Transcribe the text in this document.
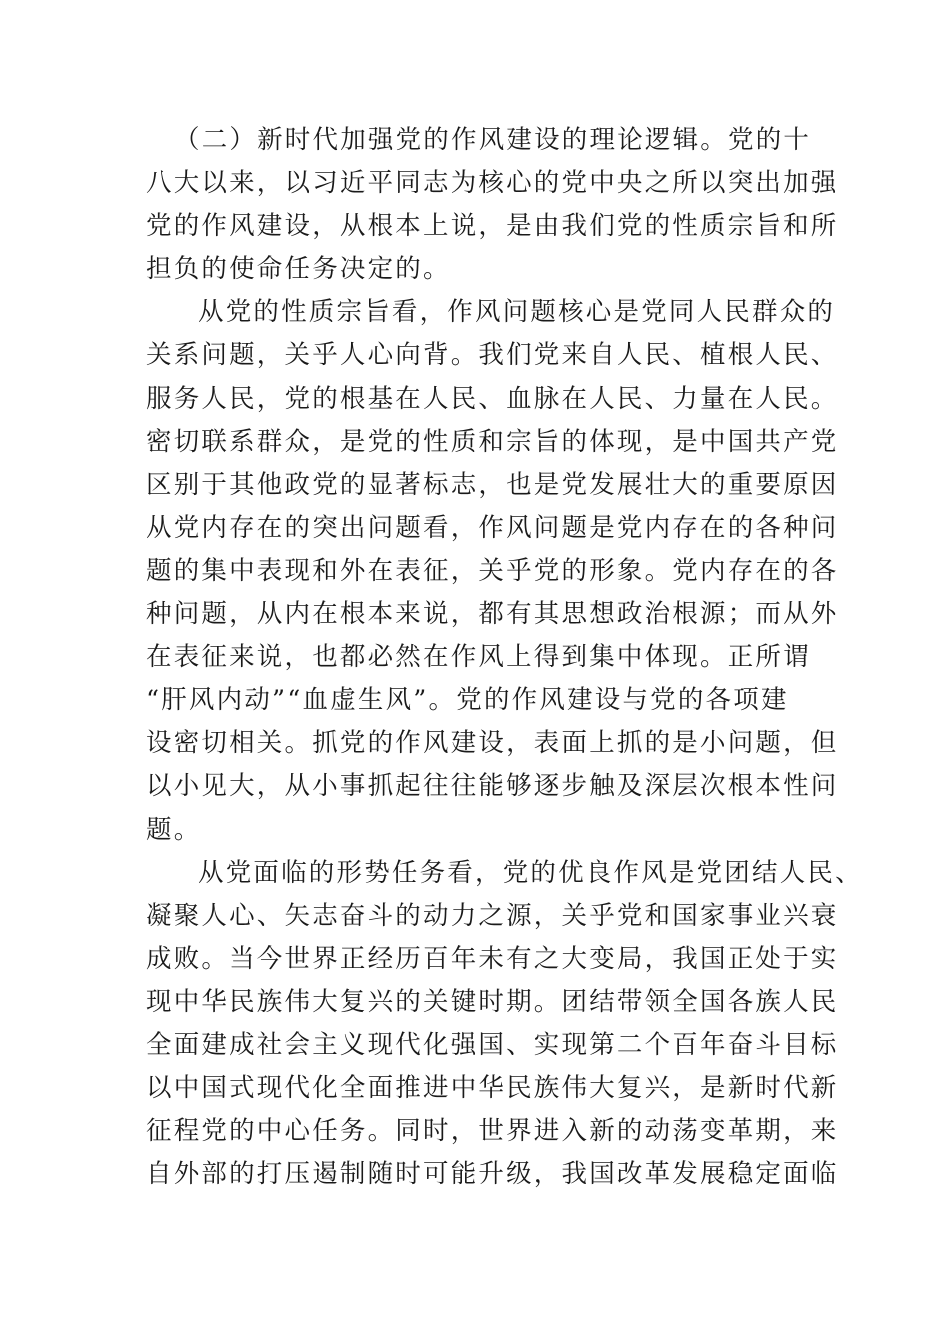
（二）新时代加强党的作风建设的理论逻辑。党的十
八大以来，以习近平同志为核心的党中央之所以突出加强
党的作风建设，从根本上说，是由我们党的性质宗旨和所
担负的使命任务决定的。
从党的性质宗旨看，作风问题核心是党同人民群众的
关系问题，关乎人心向背。我们党来自人民、植根人民、
服务人民，党的根基在人民、血脉在人民、力量在人民。
密切联系群众，是党的性质和宗旨的体现，是中国共产党
区别于其他政党的显著标志，也是党发展壮大的重要原因
从党内存在的突出问题看，作风问题是党内存在的各种问
题的集中表现和外在表征，关乎党的形象。党内存在的各
种问题，从内在根本来说，都有其思想政治根源；而从外
在表征来说，也都必然在作风上得到集中体现。正所谓
“肝风内动”“血虚生风”。党的作风建设与党的各项建
设密切相关。抓党的作风建设，表面上抓的是小问题，但
以小见大，从小事抓起往往能够逐步触及深层次根本性问
题。
从党面临的形势任务看，党的优良作风是党团结人民、
凝聚人心、矢志奋斗的动力之源，关乎党和国家事业兴衰
成败。当今世界正经历百年未有之大变局，我国正处于实
现中华民族伟大复兴的关键时期。团结带领全国各族人民
全面建成社会主义现代化强国、实现第二个百年奋斗目标
以中国式现代化全面推进中华民族伟大复兴，是新时代新
征程党的中心任务。同时，世界进入新的动荡变革期，来
自外部的打压遏制随时可能升级，我国改革发展稳定面临
